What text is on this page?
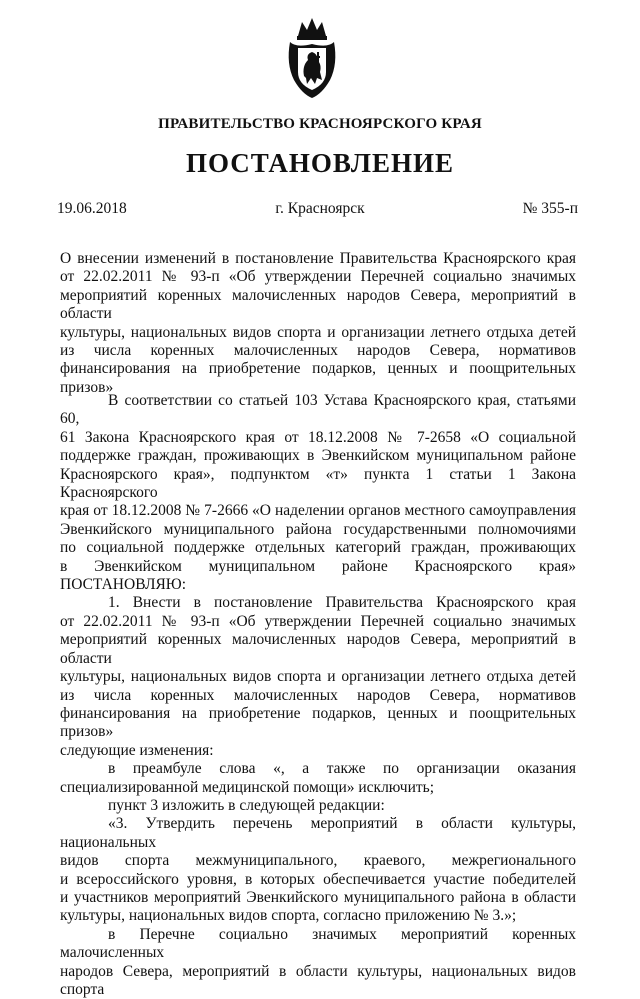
ПРАВИТЕЛЬСТВО КРАСНОЯРСКОГО КРАЯ
ПОСТАНОВЛЕНИЕ
19.06.2018	г. Красноярск	№ 355-п

О внесении изменений в постановление Правительства Красноярского края

от 22.02.2011 № 93-п «Об утверждении Перечней социально значимых

мероприятий коренных малочисленных народов Севера, мероприятий в области

культуры, национальных видов спорта и организации летнего отдыха детей

из числа коренных малочисленных народов Севера, нормативов

финансирования на приобретение подарков, ценных и поощрительных призов»

В соответствии со статьей 103 Устава Красноярского края, статьями 60,

61 Закона Красноярского края от 18.12.2008 № 7-2658 «О социальной

поддержке граждан, проживающих в Эвенкийском муниципальном районе

Красноярского края», подпунктом «т» пункта 1 статьи 1 Закона Красноярского

края от 18.12.2008 № 7-2666 «О наделении органов местного самоуправления

Эвенкийского муниципального района государственными полномочиями

по социальной поддержке отдельных категорий граждан, проживающих

в Эвенкийском муниципальном районе Красноярского края»

ПОСТАНОВЛЯЮ:

1. Внести в постановление Правительства Красноярского края

от 22.02.2011 № 93-п «Об утверждении Перечней социально значимых

мероприятий коренных малочисленных народов Севера, мероприятий в области

культуры, национальных видов спорта и организации летнего отдыха детей

из числа коренных малочисленных народов Севера, нормативов

финансирования на приобретение подарков, ценных и поощрительных призов»

следующие изменения:

в преамбуле слова «, а также по организации оказания

специализированной медицинской помощи» исключить;

пункт 3 изложить в следующей редакции:

«3. Утвердить перечень мероприятий в области культуры, национальных

видов спорта межмуниципального, краевого, межрегионального

и всероссийского уровня, в которых обеспечивается участие победителей

и участников мероприятий Эвенкийского муниципального района в области

культуры, национальных видов спорта, согласно приложению № 3.»;

в Перечне социально значимых мероприятий коренных малочисленных

народов Севера, мероприятий в области культуры, национальных видов спорта
